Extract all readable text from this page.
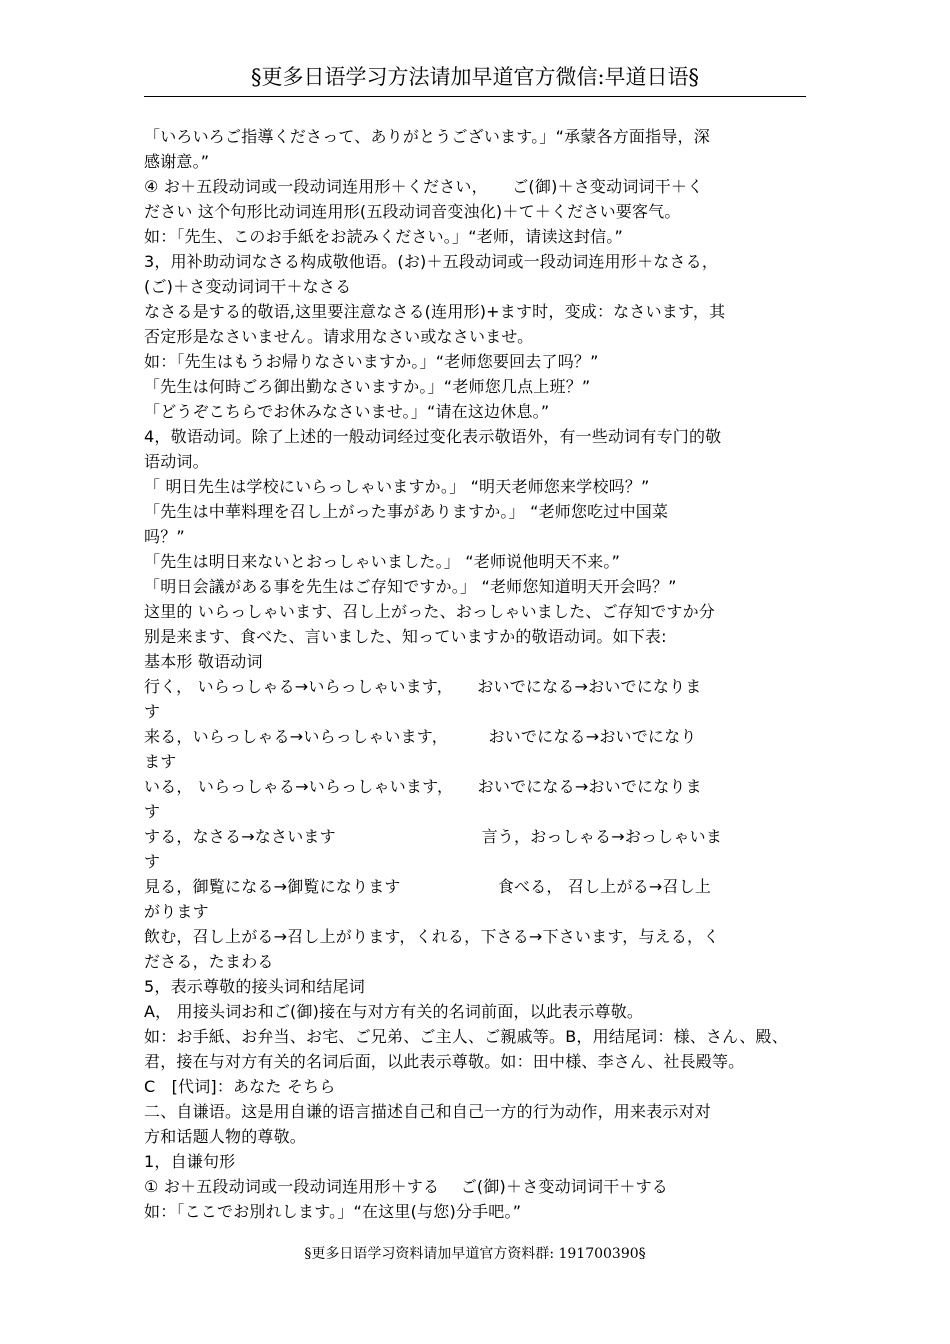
§更多日语学习方法请加早道官方微信:早道日语§
「いろいろご指導くださって、ありがとうございます。」“承蒙各方面指导，深
感谢意。”
④ お＋五段动词或一段动词连用形＋ください，　　ご(御)＋さ变动词词干＋く
ださい 这个句形比动词连用形(五段动词音变浊化)＋て＋ください要客气。
如：「先生、このお手紙をお読みください。」“老师，请读这封信。”
3，用补助动词なさる构成敬他语。(お)＋五段动词或一段动词连用形＋なさる，
(ご)＋さ变动词词干＋なさる
なさる是する的敬语,这里要注意なさる(连用形)+ます时，变成：なさいます，其
否定形是なさいません。请求用なさい或なさいませ。
如：「先生はもうお帰りなさいますか。」“老师您要回去了吗？”
「先生は何時ごろ御出勤なさいますか。」“老师您几点上班？”
「どうぞこちらでお休みなさいませ。」“请在这边休息。”
4，敬语动词。除了上述的一般动词经过变化表示敬语外，有一些动词有专门的敬
语动词。
「 明日先生は学校にいらっしゃいますか。」 “明天老师您来学校吗？”
「先生は中華料理を召し上がった事がありますか。」 “老师您吃过中国菜
吗？”
「先生は明日来ないとおっしゃいました。」 “老师说他明天不来。”
「明日会議がある事を先生はご存知ですか。」 “老师您知道明天开会吗？”
这里的 いらっしゃいます、召し上がった、おっしゃいました、ご存知ですか分
别是来ます、食べた、言いました、知っていますか的敬语动词。如下表:
基本形 敬语动词
行く， いらっしゃる→いらっしゃいます，　　おいでになる→おいでになりま
す
来る，いらっしゃる→いらっしゃいます，　　　おいでになる→おいでになり
ます
いる， いらっしゃる→いらっしゃいます，　　おいでになる→おいでになりま
す
する，なさる→なさいます　　　　　　　　　言う，おっしゃる→おっしゃいま
す
見る，御覧になる→御覧になります　　　　　　食べる， 召し上がる→召し上
がります
飲む，召し上がる→召し上がります，くれる，下さる→下さいます，与える，く
ださる，たまわる
5，表示尊敬的接头词和结尾词
A， 用接头词お和ご(御)接在与对方有关的名词前面，以此表示尊敬。
如：お手紙、お弁当、お宅、ご兄弟、ご主人、ご親戚等。B，用结尾词：様、さん、殿、
君，接在与对方有关的名词后面，以此表示尊敬。如：田中様、李さん、社長殿等。
C　[代词]：あなた そちら
二、自谦语。这是用自谦的语言描述自己和自己一方的行为动作，用来表示对对
方和话题人物的尊敬。
1，自谦句形
① お＋五段动词或一段动词连用形＋する　 ご(御)＋さ变动词词干＋する
如：「ここでお別れします。」“在这里(与您)分手吧。”
§更多日语学习资料请加早道官方资料群: 191700390§
